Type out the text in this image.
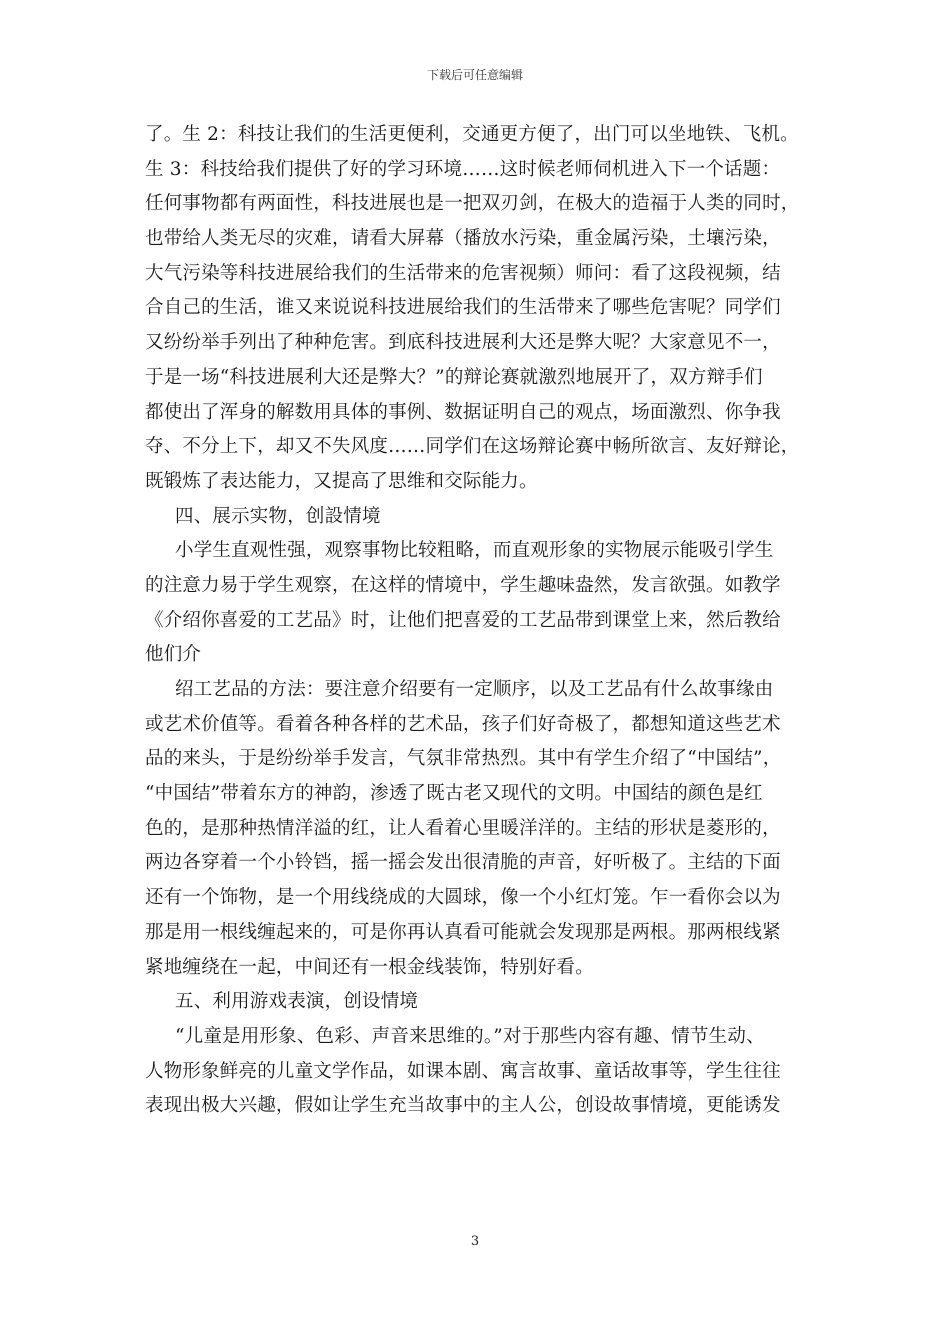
下载后可任意编辑
了。生 2：科技让我们的生活更便利，交通更方便了，出门可以坐地铁、飞机。
生 3：科技给我们提供了好的学习环境……这时候老师伺机进入下一个话题：
任何事物都有两面性，科技进展也是一把双刃剑，在极大的造福于人类的同时，
也带给人类无尽的灾难，请看大屏幕（播放水污染，重金属污染，土壤污染，
大气污染等科技进展给我们的生活带来的危害视频）师问：看了这段视频，结
合自己的生活，谁又来说说科技进展给我们的生活带来了哪些危害呢？同学们
又纷纷举手列出了种种危害。到底科技进展利大还是弊大呢？大家意见不一，
于是一场“科技进展利大还是弊大？”的辩论赛就激烈地展开了，双方辩手们
都使出了浑身的解数用具体的事例、数据证明自己的观点，场面激烈、你争我
夺、不分上下，却又不失风度……同学们在这场辩论赛中畅所欲言、友好辩论，
既锻炼了表达能力，又提高了思维和交际能力。
四、展示实物，创設情境
小学生直观性强，观察事物比较粗略，而直观形象的实物展示能吸引学生
的注意力易于学生观察，在这样的情境中，学生趣味盎然，发言欲强。如教学
《介绍你喜爱的工艺品》时，让他们把喜爱的工艺品带到课堂上来，然后教给
他们介
绍工艺品的方法：要注意介绍要有一定顺序，以及工艺品有什么故事缘由
或艺术价值等。看着各种各样的艺术品，孩子们好奇极了，都想知道这些艺术
品的来头，于是纷纷举手发言，气氛非常热烈。其中有学生介绍了“中国结”，
“中国结”带着东方的神韵，渗透了既古老又现代的文明。中国结的颜色是红
色的，是那种热情洋溢的红，让人看着心里暖洋洋的。主结的形状是菱形的，
两边各穿着一个小铃铛，摇一摇会发出很清脆的声音，好听极了。主结的下面
还有一个饰物，是一个用线绕成的大圆球，像一个小红灯笼。乍一看你会以为
那是用一根线缠起来的，可是你再认真看可能就会发现那是两根。那两根线紧
紧地缠绕在一起，中间还有一根金线装饰，特别好看。
五、利用游戏表演，创设情境
“儿童是用形象、色彩、声音来思维的。”对于那些内容有趣、情节生动、
人物形象鲜亮的儿童文学作品，如课本剧、寓言故事、童话故事等，学生往往
表现出极大兴趣，假如让学生充当故事中的主人公，创设故事情境，更能诱发
3
